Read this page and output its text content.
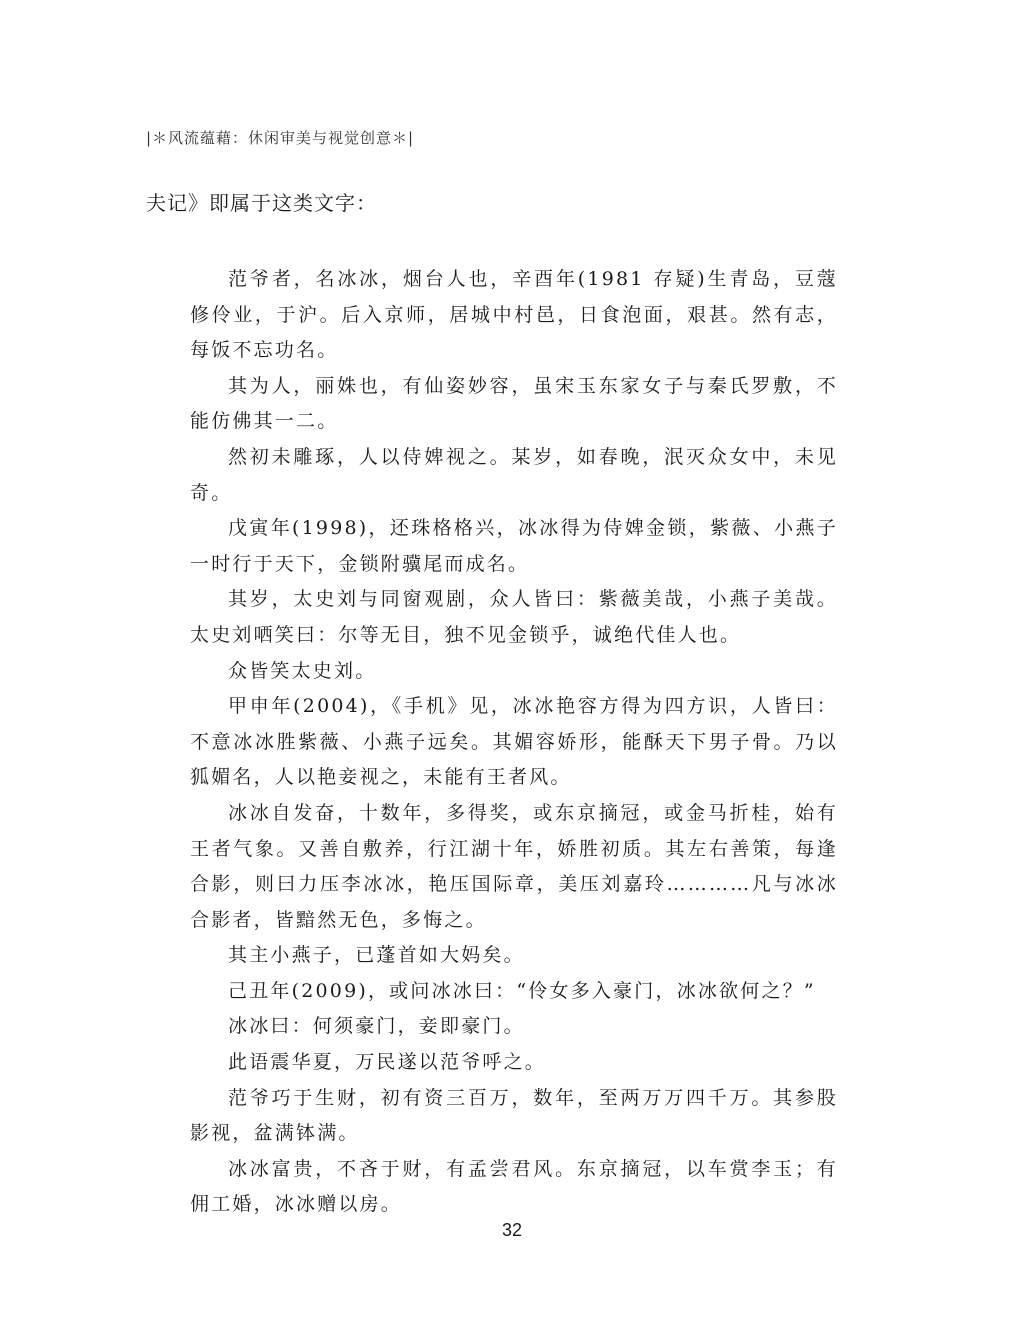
|＊风流蕴藉：休闲审美与视觉创意＊|
夫记》即属于这类文字：

范爷者，名冰冰，烟台人也，辛酉年(1981 存疑)生青岛，豆蔻修伶业，于沪。后入京师，居城中村邑，日食泡面，艰甚。然有志，每饭不忘功名。

其为人，丽姝也，有仙姿妙容，虽宋玉东家女子与秦氏罗敷，不能仿佛其一二。

然初未雕琢，人以侍婢视之。某岁，如春晚，泯灭众女中，未见奇。

戊寅年(1998)，还珠格格兴，冰冰得为侍婢金锁，紫薇、小燕子一时行于天下，金锁附骥尾而成名。

其岁，太史刘与同窗观剧，众人皆曰：紫薇美哉，小燕子美哉。太史刘哂笑曰：尔等无目，独不见金锁乎，诚绝代佳人也。

众皆笑太史刘。

甲申年(2004)，《手机》见，冰冰艳容方得为四方识，人皆曰：不意冰冰胜紫薇、小燕子远矣。其媚容娇形，能酥天下男子骨。乃以狐媚名，人以艳妾视之，未能有王者风。

冰冰自发奋，十数年，多得奖，或东京摘冠，或金马折桂，始有王者气象。又善自敷养，行江湖十年，娇胜初质。其左右善策，每逢合影，则曰力压李冰冰，艳压国际章，美压刘嘉玲…………凡与冰冰合影者，皆黯然无色，多悔之。

其主小燕子，已蓬首如大妈矣。

己丑年(2009)，或问冰冰曰：“伶女多入豪门，冰冰欲何之？”

冰冰曰：何须豪门，妾即豪门。

此语震华夏，万民遂以范爷呼之。

范爷巧于生财，初有资三百万，数年，至两万万四千万。其参股影视，盆满钵满。

冰冰富贵，不吝于财，有孟尝君风。东京摘冠，以车赏李玉；有佣工婚，冰冰赠以房。

32
